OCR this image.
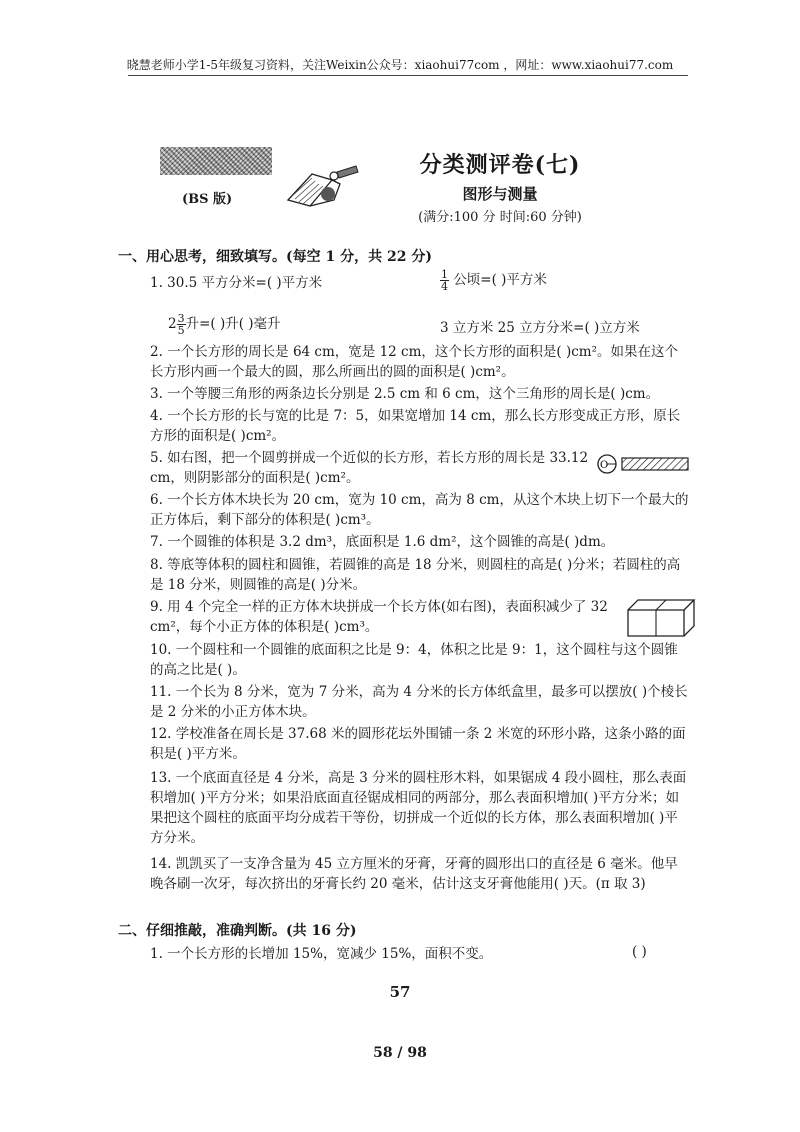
晓慧老师小学1-5年级复习资料，关注Weixin公众号：xiaohui77com ，网址：www.xiaohui77.com
(BS 版)
分类测评卷(七)
图形与测量
(满分:100 分 时间:60 分钟)
一、用心思考，细致填写。(每空 1 分，共 22 分)
1. 30.5 平方分米=( )平方米	$\frac{1}{4}$ 公顷=( )平方米
$2 \frac{3}{5}$ 升=( )升( )毫升	3 立方米 25 立方分米=( )立方米
2. 一个长方形的周长是 64 cm，宽是 12 cm，这个长方形的面积是( )cm²。如果在这个长方形内画一个最大的圆，那么所画出的圆的面积是( )cm²。
3. 一个等腰三角形的两条边长分别是 2.5 cm 和 6 cm，这个三角形的周长是( )cm。
4. 一个长方形的长与宽的比是 7：5，如果宽增加 14 cm，那么长方形变成正方形，原长方形的面积是( )cm²。
5. 如右图，把一个圆剪拼成一个近似的长方形，若长方形的周长是 33.12 cm，则阴影部分的面积是( )cm²。
O
6. 一个长方体木块长为 20 cm，宽为 10 cm，高为 8 cm，从这个木块上切下一个最大的正方体后，剩下部分的体积是( )cm³。
7. 一个圆锥的体积是 3.2 dm³，底面积是 1.6 dm²，这个圆锥的高是( )dm。
8. 等底等体积的圆柱和圆锥，若圆锥的高是 18 分米，则圆柱的高是( )分米；若圆柱的高是 18 分米，则圆锥的高是( )分米。
9. 用 4 个完全一样的正方体木块拼成一个长方体(如右图)，表面积减少了 32 cm²，每个小正方体的体积是( )cm³。
10. 一个圆柱和一个圆锥的底面积之比是 9：4，体积之比是 9：1，这个圆柱与这个圆锥的高之比是( )。
11. 一个长为 8 分米，宽为 7 分米，高为 4 分米的长方体纸盒里，最多可以摆放( )个棱长是 2 分米的小正方体木块。
12. 学校准备在周长是 37.68 米的圆形花坛外围铺一条 2 米宽的环形小路，这条小路的面积是( )平方米。
13. 一个底面直径是 4 分米，高是 3 分米的圆柱形木料，如果锯成 4 段小圆柱，那么表面积增加( )平方分米；如果沿底面直径锯成相同的两部分，那么表面积增加( )平方分米；如果把这个圆柱的底面平均分成若干等份，切拼成一个近似的长方体，那么表面积增加( )平方分米。
14. 凯凯买了一支净含量为 45 立方厘米的牙膏，牙膏的圆形出口的直径是 6 毫米。他早晚各刷一次牙，每次挤出的牙膏长约 20 毫米，估计这支牙膏他能用( )天。(π 取 3)
二、仔细推敲，准确判断。(共 16 分)
1. 一个长方形的长增加 15%，宽减少 15%，面积不变。	( )
57
58 / 98
